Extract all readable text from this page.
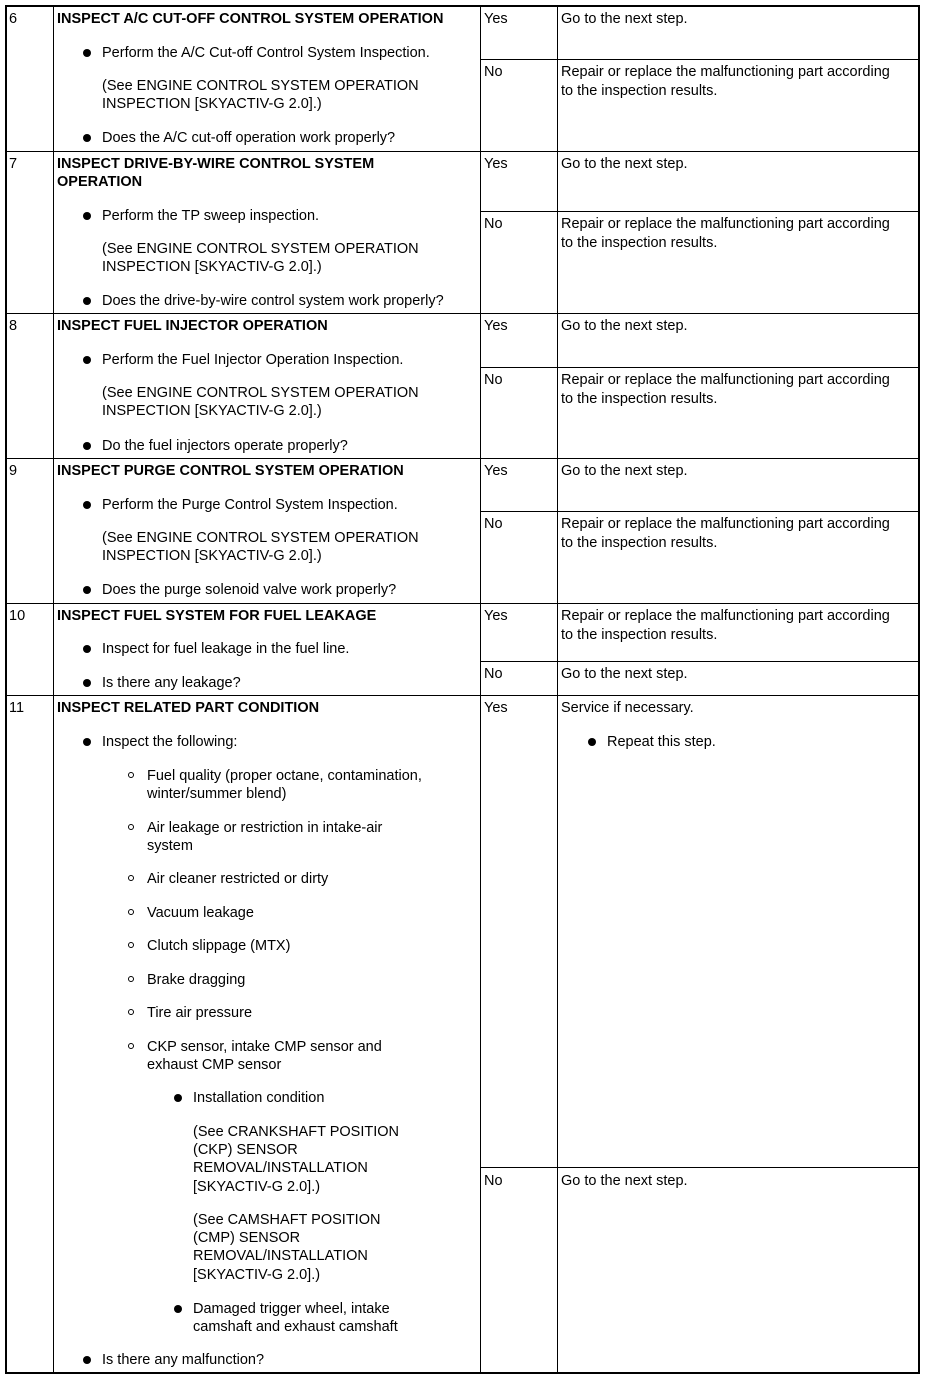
6	INSPECT A/C CUT-OFF CONTROL SYSTEM OPERATION
Perform the A/C Cut-off Control System Inspection.
(See ENGINE CONTROL SYSTEM OPERATION
INSPECTION [SKYACTIV-G 2.0].)
Does the A/C cut-off operation work properly?
Yes	Go to the next step.
No	Repair or replace the malfunctioning part according
to the inspection results.
7	INSPECT DRIVE-BY-WIRE CONTROL SYSTEM
OPERATION
Perform the TP sweep inspection.
(See ENGINE CONTROL SYSTEM OPERATION
INSPECTION [SKYACTIV-G 2.0].)
Does the drive-by-wire control system work properly?
Yes	Go to the next step.
No	Repair or replace the malfunctioning part according
to the inspection results.
8	INSPECT FUEL INJECTOR OPERATION
Perform the Fuel Injector Operation Inspection.
(See ENGINE CONTROL SYSTEM OPERATION
INSPECTION [SKYACTIV-G 2.0].)
Do the fuel injectors operate properly?
Yes	Go to the next step.
No	Repair or replace the malfunctioning part according
to the inspection results.
9	INSPECT PURGE CONTROL SYSTEM OPERATION
Perform the Purge Control System Inspection.
(See ENGINE CONTROL SYSTEM OPERATION
INSPECTION [SKYACTIV-G 2.0].)
Does the purge solenoid valve work properly?
Yes	Go to the next step.
No	Repair or replace the malfunctioning part according
to the inspection results.
10 INSPECT FUEL SYSTEM FOR FUEL LEAKAGE
Inspect for fuel leakage in the fuel line.
Is there any leakage?
Yes	Repair or replace the malfunctioning part according
to the inspection results.
No	Go to the next step.
11 INSPECT RELATED PART CONDITION
Inspect the following:
Fuel quality (proper octane, contamination,
winter/summer blend)
Air leakage or restriction in intake-air
system
Air cleaner restricted or dirty
Vacuum leakage
Clutch slippage (MTX)
Brake dragging
Tire air pressure
CKP sensor, intake CMP sensor and
exhaust CMP sensor
Installation condition
(See CRANKSHAFT POSITION
(CKP) SENSOR
REMOVAL/INSTALLATION
[SKYACTIV-G 2.0].)
(See CAMSHAFT POSITION
(CMP) SENSOR
REMOVAL/INSTALLATION
[SKYACTIV-G 2.0].)
Damaged trigger wheel, intake
camshaft and exhaust camshaft
Is there any malfunction?
Yes	Service if necessary.
Repeat this step.
No	Go to the next step.
